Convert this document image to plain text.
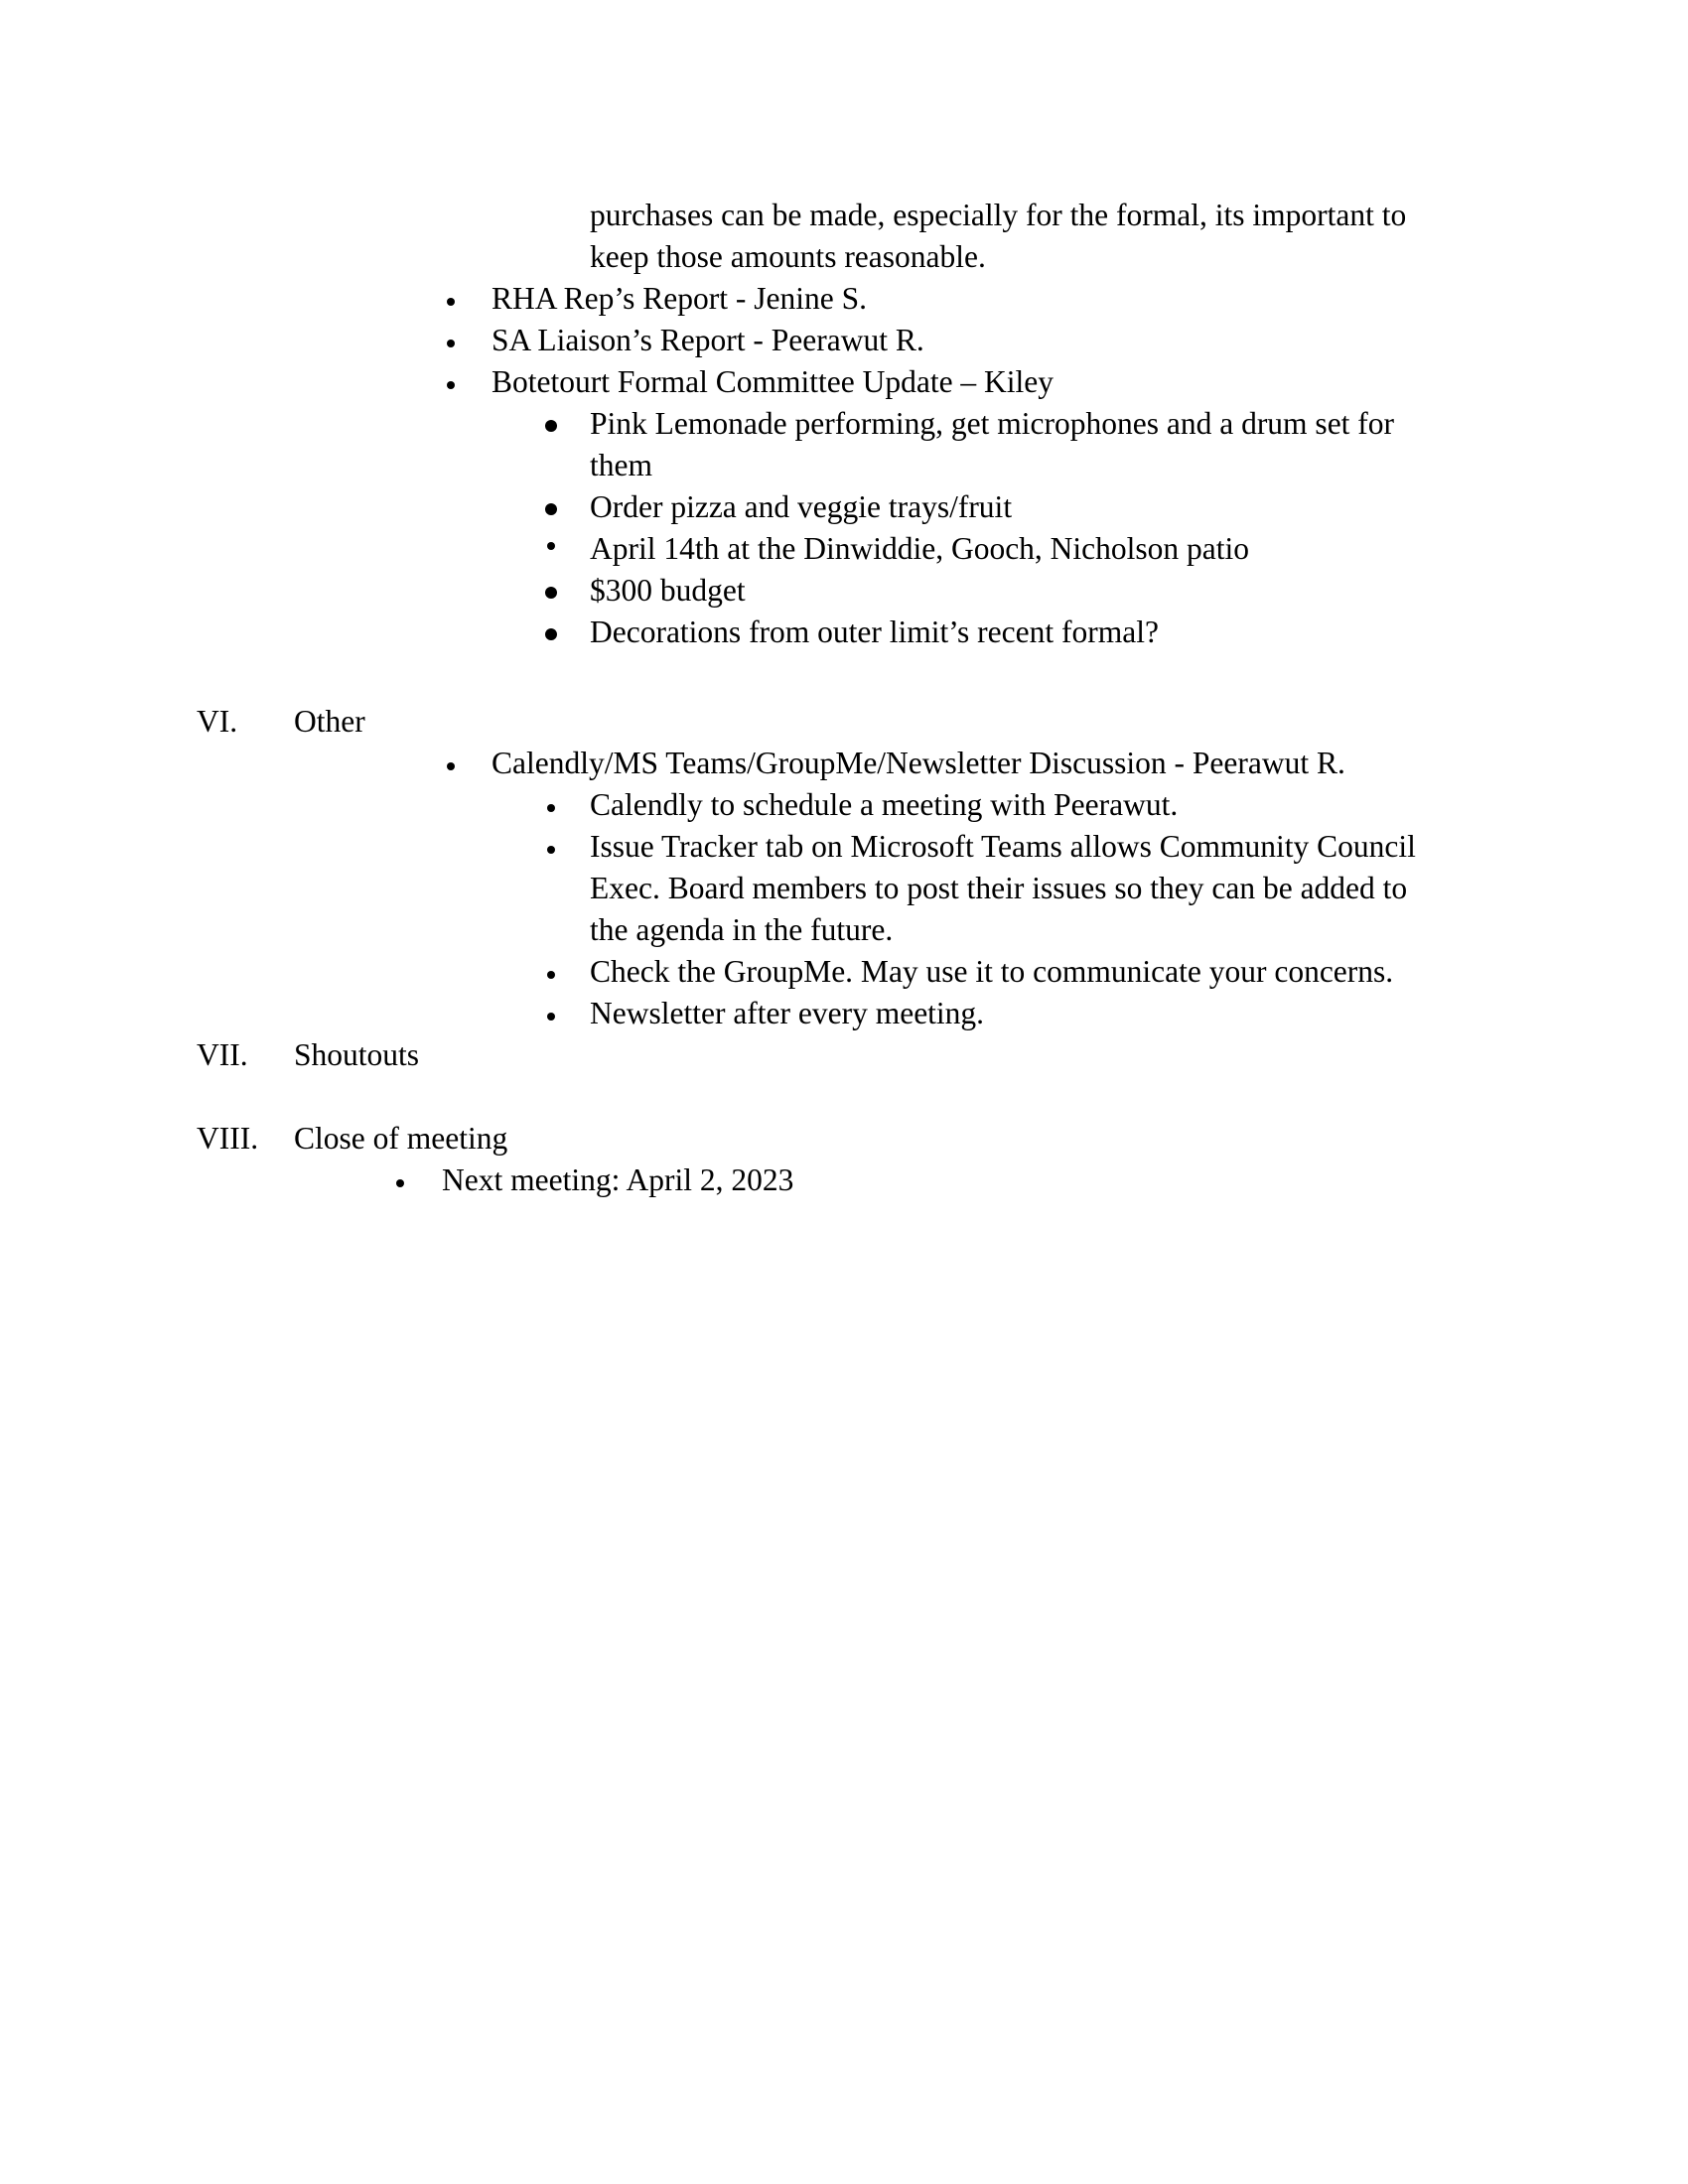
purchases can be made, especially for the formal, its important to
keep those amounts reasonable.
RHA Rep’s Report - Jenine S.
SA Liaison’s Report - Peerawut R.
Botetourt Formal Committee Update – Kiley
Pink Lemonade performing, get microphones and a drum set for
them
Order pizza and veggie trays/fruit
April 14th at the Dinwiddie, Gooch, Nicholson patio
$300 budget
Decorations from outer limit’s recent formal?
VI. Other
Calendly/MS Teams/GroupMe/Newsletter Discussion - Peerawut R.
Calendly to schedule a meeting with Peerawut.
Issue Tracker tab on Microsoft Teams allows Community Council
Exec. Board members to post their issues so they can be added to
the agenda in the future.
Check the GroupMe. May use it to communicate your concerns.
Newsletter after every meeting.
VII. Shoutouts
VIII. Close of meeting
Next meeting: April 2, 2023
